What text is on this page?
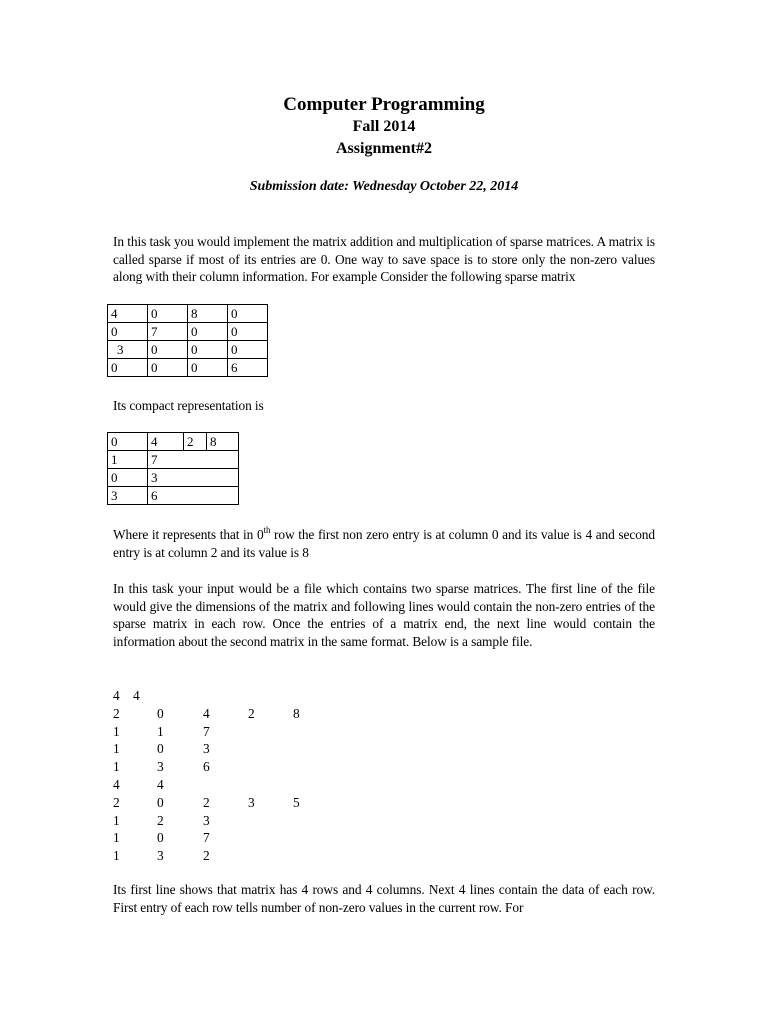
Computer Programming
Fall 2014
Assignment#2
Submission date: Wednesday October 22, 2014
In this task you would implement the matrix addition and multiplication of sparse matrices. A matrix is called sparse if most of its entries are 0. One way to save space is to store only the non-zero values along with their column information. For example Consider the following sparse matrix
4	0	8	0
0	7	0	0
3	0	0	0
0	0	0	6
Its compact representation is
0	4	2	8
1	7		
0	3		
3	6		
Where it represents that in 0th row the first non zero entry is at column 0 and its value is 4 and second entry is at column 2 and its value is 8
In this task your input would be a file which contains two sparse matrices. The first line of the file would give the dimensions of the matrix and following lines would contain the non-zero entries of the sparse matrix in each row. Once the entries of a matrix end, the next line would contain the information about the second matrix in the same format. Below is a sample file.
4 4
2	0	4	2	8
1	1	7
1	0	3
1	3	6
4	4
2	0	2	3	5
1	2	3
1	0	7
1	3	2
Its first line shows that matrix has 4 rows and 4 columns. Next 4 lines contain the data of each row. First entry of each row tells number of non-zero values in the current row. For
